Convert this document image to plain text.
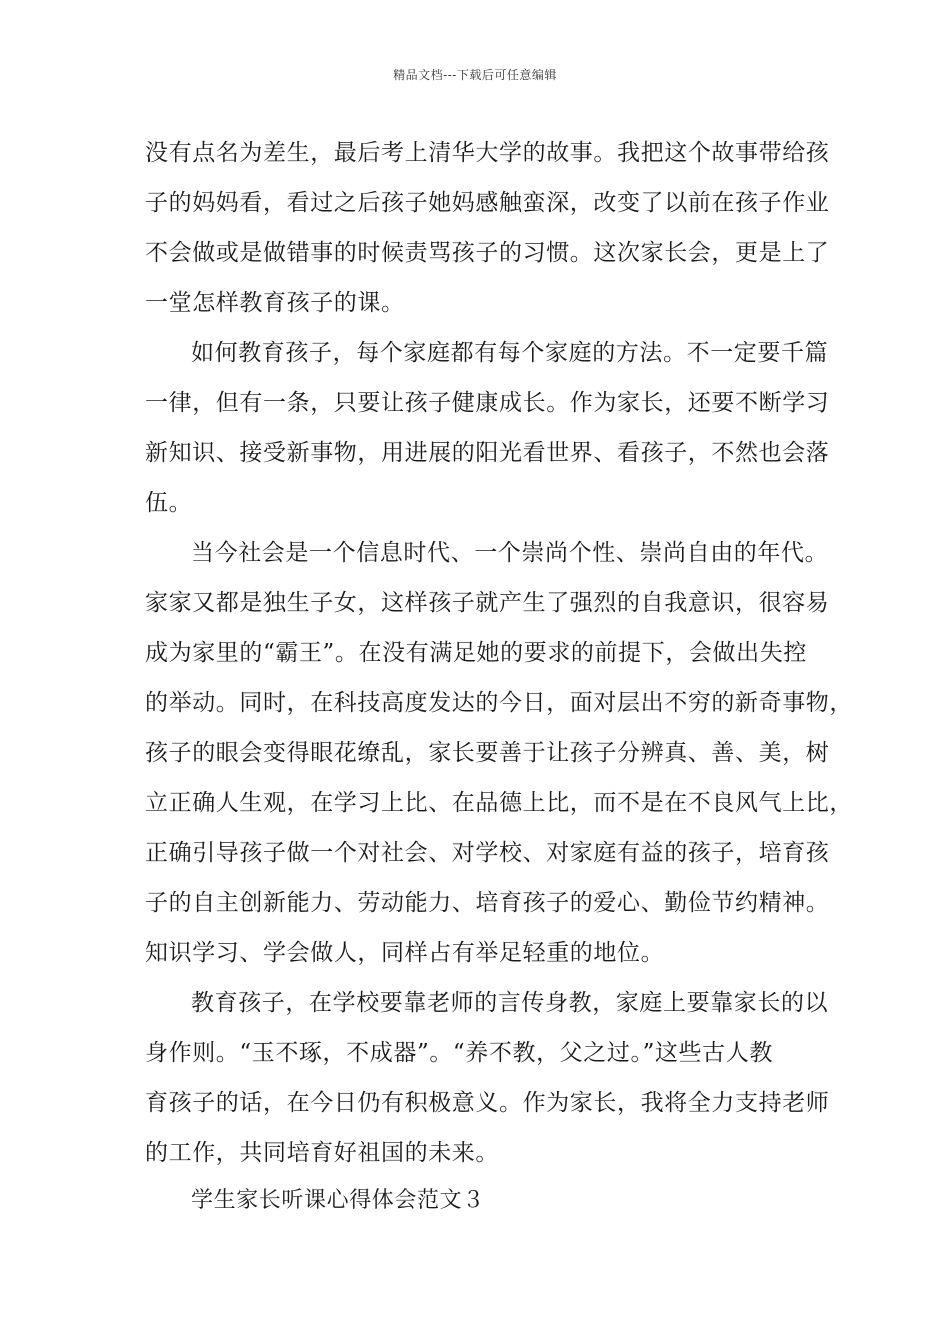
精品文档---下载后可任意编辑
没有点名为差生，最后考上清华大学的故事。我把这个故事带给孩
子的妈妈看，看过之后孩子她妈感触蛮深，改变了以前在孩子作业
不会做或是做错事的时候责骂孩子的习惯。这次家长会，更是上了
一堂怎样教育孩子的课。
如何教育孩子，每个家庭都有每个家庭的方法。不一定要千篇
一律，但有一条，只要让孩子健康成长。作为家长，还要不断学习
新知识、接受新事物，用进展的阳光看世界、看孩子，不然也会落
伍。
当今社会是一个信息时代、一个崇尚个性、崇尚自由的年代。
家家又都是独生子女，这样孩子就产生了强烈的自我意识，很容易
成为家里的“霸王”。在没有满足她的要求的前提下，会做出失控
的举动。同时，在科技高度发达的今日，面对层出不穷的新奇事物，
孩子的眼会变得眼花缭乱，家长要善于让孩子分辨真、善、美，树
立正确人生观，在学习上比、在品德上比，而不是在不良风气上比，
正确引导孩子做一个对社会、对学校、对家庭有益的孩子，培育孩
子的自主创新能力、劳动能力、培育孩子的爱心、勤俭节约精神。
知识学习、学会做人，同样占有举足轻重的地位。
教育孩子，在学校要靠老师的言传身教，家庭上要靠家长的以
身作则。“玉不琢，不成器”。“养不教，父之过。”这些古人教
育孩子的话，在今日仍有积极意义。作为家长，我将全力支持老师
的工作，共同培育好祖国的未来。
学生家长听课心得体会范文３
